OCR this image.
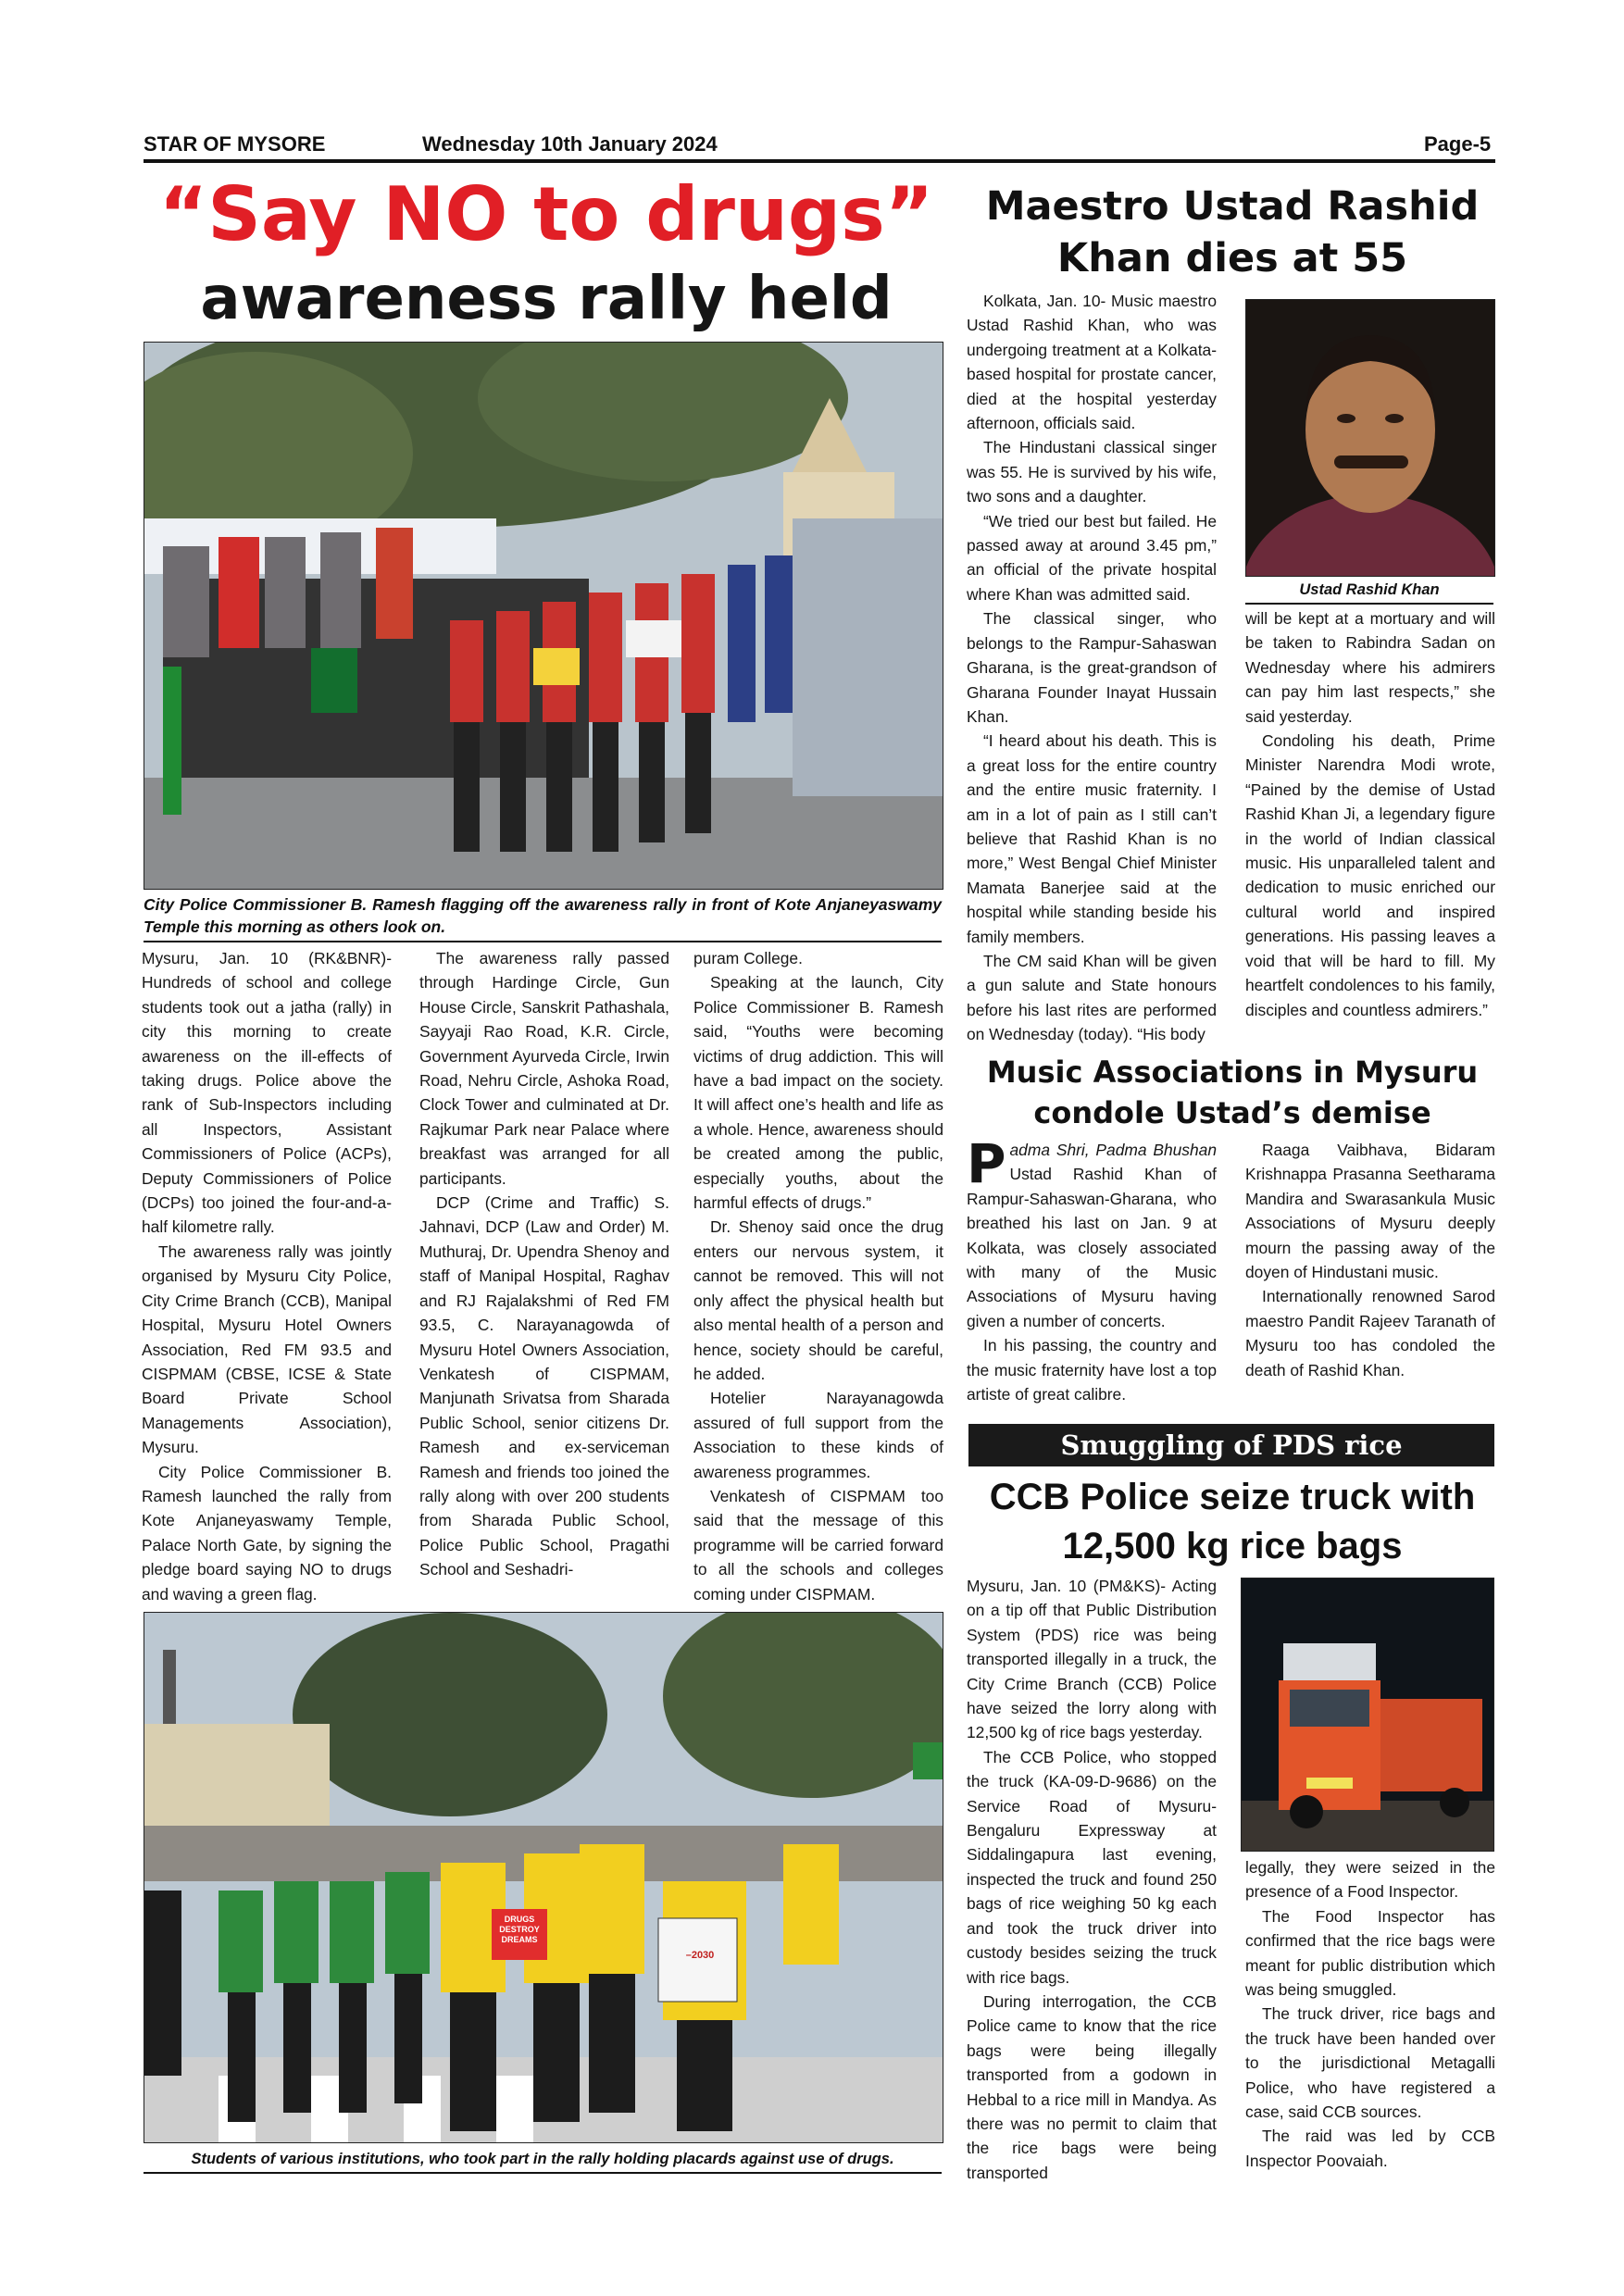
STAR OF MYSORE	Wednesday 10th January 2024	Page-5
“Say NO to drugs”
awareness rally held
City Police Commissioner B. Ramesh flagging off the awareness rally in front of Kote Anjaneyaswamy Temple this morning as others look on.

Mysuru, Jan. 10 (RK&BNR)- Hundreds of school and college students took out a jatha (rally) in city this morning to create awareness on the ill-effects of taking drugs. Police above the rank of Sub-Inspectors including all Inspectors, Assistant Commissioners of Police (ACPs), Deputy Commissioners of Police (DCPs) too joined the four-and-a-half kilometre rally.

The awareness rally was jointly organised by Mysuru City Police, City Crime Branch (CCB), Manipal Hospital, Mysuru Hotel Owners Association, Red FM 93.5 and CISPMAM (CBSE, ICSE & State Board Private School Managements Association), Mysuru.

City Police Commissioner B. Ramesh launched the rally from Kote Anjaneyaswamy Temple, Palace North Gate, by signing the pledge board saying NO to drugs and waving a green flag.

The awareness rally passed through Hardinge Circle, Gun House Circle, Sanskrit Pathashala, Sayyaji Rao Road, K.R. Circle, Government Ayurveda Circle, Irwin Road, Nehru Circle, Ashoka Road, Clock Tower and culminated at Dr. Rajkumar Park near Palace where breakfast was arranged for all participants.

DCP (Crime and Traffic) S. Jahnavi, DCP (Law and Order) M. Muthuraj, Dr. Upendra Shenoy and staff of Manipal Hospital, Raghav and RJ Rajalakshmi of Red FM 93.5, C. Narayanagowda of Mysuru Hotel Owners Association, Venkatesh of CISPMAM, Manjunath Srivatsa from Sharada Public School, senior citizens Dr. Ramesh and ex-serviceman Ramesh and friends too joined the rally along with over 200 students from Sharada Public School, Police Public School, Pragathi School and Seshadri-

puram College.

Speaking at the launch, City Police Commissioner B. Ramesh said, “Youths were becoming victims of drug addiction. This will have a bad impact on the society. It will affect one’s health and life as a whole. Hence, awareness should be created among the public, especially youths, about the harmful effects of drugs.”

Dr. Shenoy said once the drug enters our nervous system, it cannot be removed. This will not only affect the physical health but also mental health of a person and hence, society should be careful, he added.

Hotelier Narayanagowda assured of full support from the Association to these kinds of awareness programmes.

Venkatesh of CISPMAM too said that the message of this programme will be carried forward to all the schools and colleges coming under CISPMAM.

DRUGS DESTROY DREAMS
–2030
Students of various institutions, who took part in the rally holding placards against use of drugs.
Maestro Ustad Rashid
Khan dies at 55

Kolkata, Jan. 10- Music maestro Ustad Rashid Khan, who was undergoing treatment at a Kolkata-based hospital for prostate cancer, died at the hospital yesterday afternoon, officials said.

The Hindustani classical singer was 55. He is survived by his wife, two sons and a daughter.

“We tried our best but failed. He passed away at around 3.45 pm,” an official of the private hospital where Khan was admitted said.

The classical singer, who belongs to the Rampur-Sahaswan Gharana, is the great-grandson of Gharana Founder Inayat Hussain Khan.

“I heard about his death. This is a great loss for the entire country and the entire music fraternity. I am in a lot of pain as I still can’t believe that Rashid Khan is no more,” West Bengal Chief Minister Mamata Banerjee said at the hospital while standing beside his family members.

The CM said Khan will be given a gun salute and State honours before his last rites are performed on Wednesday (today). “His body

Ustad Rashid Khan

will be kept at a mortuary and will be taken to Rabindra Sadan on Wednesday where his admirers can pay him last respects,” she said yesterday.

Condoling his death, Prime Minister Narendra Modi wrote, “Pained by the demise of Ustad Rashid Khan Ji, a legendary figure in the world of Indian classical music. His unparalleled talent and dedication to music enriched our cultural world and inspired generations. His passing leaves a void that will be hard to fill. My heartfelt condolences to his family, disciples and countless admirers.”

Music Associations in Mysuru
condole Ustad’s demise

Padma Shri, Padma Bhushan Ustad Rashid Khan of Rampur-Sahaswan-Gharana, who breathed his last on Jan. 9 at Kolkata, was closely associated with many of the Music Associations of Mysuru having given a number of concerts.

In his passing, the country and the music fraternity have lost a top artiste of great calibre.

Raaga Vaibhava, Bidaram Krishnappa Prasanna Seetharama Mandira and Swarasankula Music Associations of Mysuru deeply mourn the passing away of the doyen of Hindustani music.

Internationally renowned Sarod maestro Pandit Rajeev Taranath of Mysuru too has condoled the death of Rashid Khan.

Smuggling of PDS rice
CCB Police seize truck with
12,500 kg rice bags

Mysuru, Jan. 10 (PM&KS)- Acting on a tip off that Public Distribution System (PDS) rice was being transported illegally in a truck, the City Crime Branch (CCB) Police have seized the lorry along with 12,500 kg of rice bags yesterday.

The CCB Police, who stopped the truck (KA-09-D-9686) on the Service Road of Mysuru-Bengaluru Expressway at Siddalingapura last evening, inspected the truck and found 250 bags of rice weighing 50 kg each and took the truck driver into custody besides seizing the truck with rice bags.

During interrogation, the CCB Police came to know that the rice bags were being illegally transported from a godown in Hebbal to a rice mill in Mandya. As there was no permit to claim that the rice bags were being transported

legally, they were seized in the presence of a Food Inspector.

The Food Inspector has confirmed that the rice bags were meant for public distribution which was being smuggled.

The truck driver, rice bags and the truck have been handed over to the jurisdictional Metagalli Police, who have registered a case, said CCB sources.

The raid was led by CCB Inspector Poovaiah.
